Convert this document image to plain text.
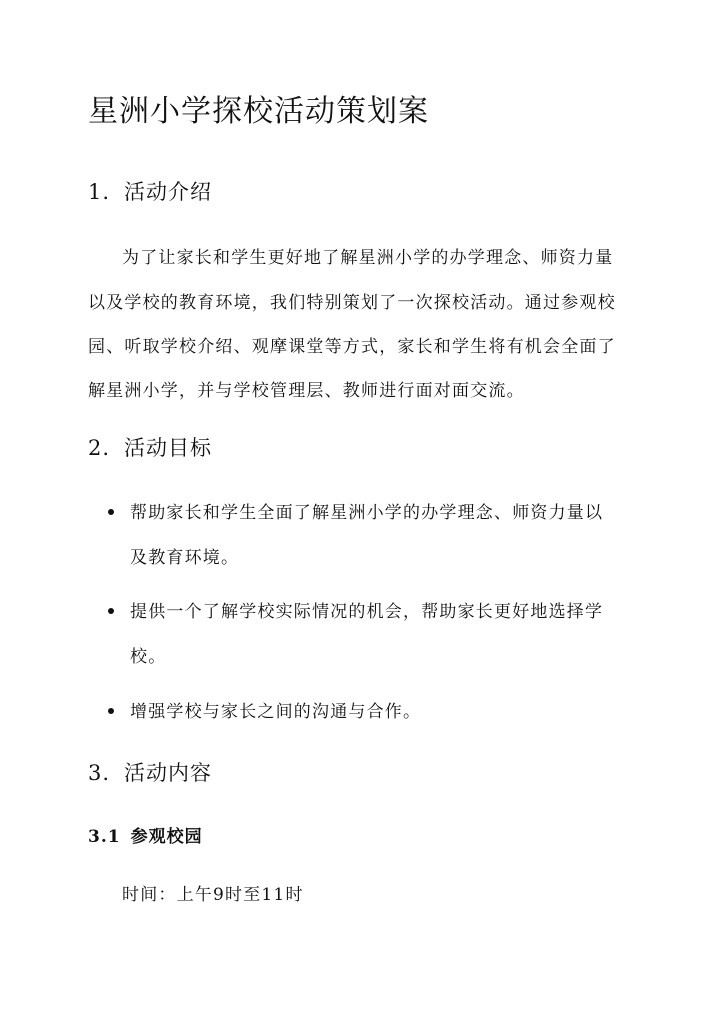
星洲小学探校活动策划案
1. 活动介绍
为了让家长和学生更好地了解星洲小学的办学理念、师资力量
以及学校的教育环境，我们特别策划了一次探校活动。通过参观校
园、听取学校介绍、观摩课堂等方式，家长和学生将有机会全面了
解星洲小学，并与学校管理层、教师进行面对面交流。
2. 活动目标
帮助家长和学生全面了解星洲小学的办学理念、师资力量以
及教育环境。
提供一个了解学校实际情况的机会，帮助家长更好地选择学
校。
增强学校与家长之间的沟通与合作。
3. 活动内容
3.1 参观校园
时间：上午9时至11时
